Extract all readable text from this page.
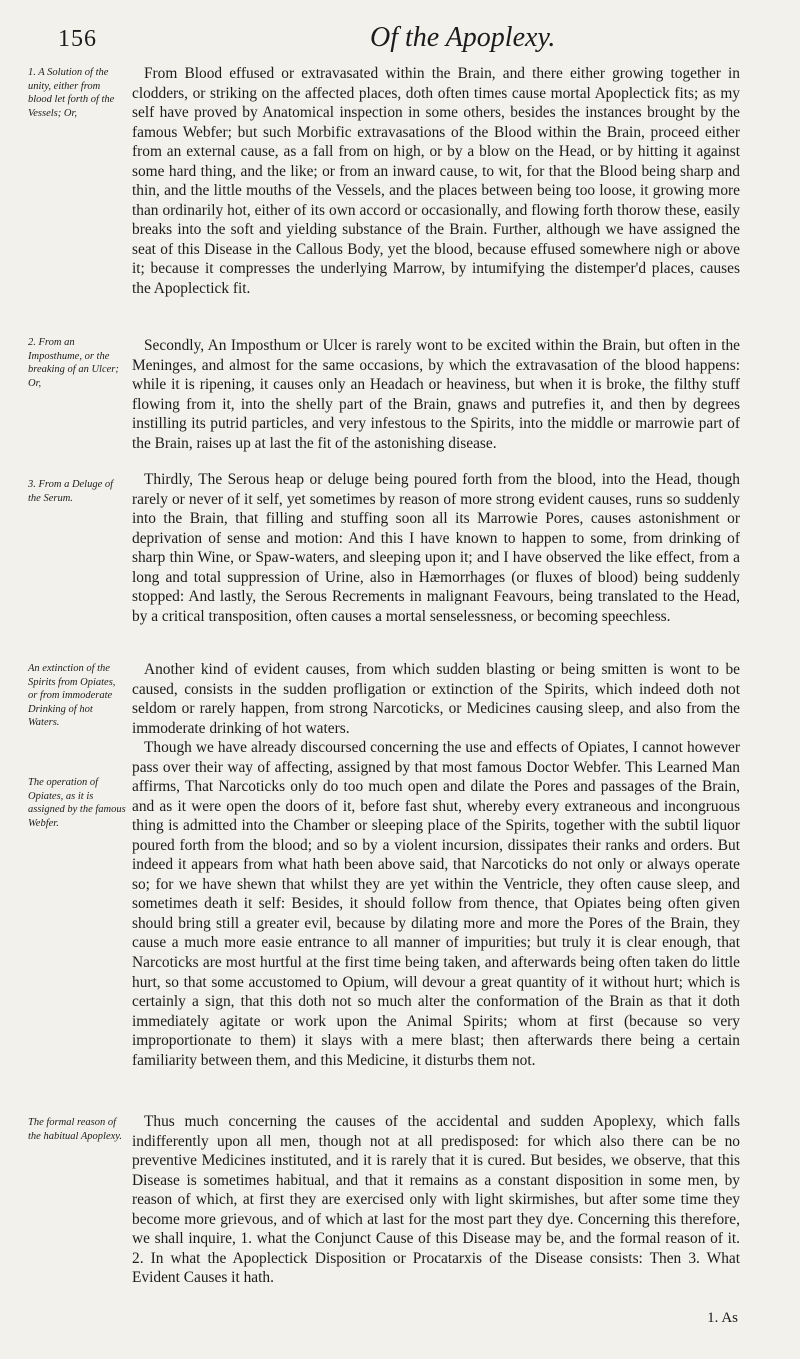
156	Of the Apoplexy.
1. A Solution of the unity, either from blood let forth of the Vessels; Or,
2. From an Imposthume, or the breaking of an Ulcer; Or,
3. From a Deluge of the Serum.
An extinction of the Spirits from Opiates, or from immoderate Drinking of hot Waters.
The operation of Opiates, as it is assigned by the famous Webfer.
The formal reason of the habitual Apoplexy.

From Blood effused or extravasated within the Brain, and there either growing together in clodders, or striking on the affected places, doth often times cause mortal Apoplectick fits; as my self have proved by Anatomical inspection in some others, besides the instances brought by the famous Webfer; but such Morbific extravasations of the Blood within the Brain, proceed either from an external cause, as a fall from on high, or by a blow on the Head, or by hitting it against some hard thing, and the like; or from an inward cause, to wit, for that the Blood being sharp and thin, and the little mouths of the Vessels, and the places between being too loose, it growing more than ordinarily hot, either of its own accord or occasionally, and flowing forth thorow these, easily breaks into the soft and yielding substance of the Brain. Further, although we have assigned the seat of this Disease in the Callous Body, yet the blood, because effused somewhere nigh or above it; because it compresses the underlying Marrow, by intumifying the distemper'd places, causes the Apoplectick fit.

Secondly, An Imposthum or Ulcer is rarely wont to be excited within the Brain, but often in the Meninges, and almost for the same occasions, by which the extravasation of the blood happens: while it is ripening, it causes only an Headach or heaviness, but when it is broke, the filthy stuff flowing from it, into the shelly part of the Brain, gnaws and putrefies it, and then by degrees instilling its putrid particles, and very infestous to the Spirits, into the middle or marrowie part of the Brain, raises up at last the fit of the astonishing disease.

Thirdly, The Serous heap or deluge being poured forth from the blood, into the Head, though rarely or never of it self, yet sometimes by reason of more strong evident causes, runs so suddenly into the Brain, that filling and stuffing soon all its Marrowie Pores, causes astonishment or deprivation of sense and motion: And this I have known to happen to some, from drinking of sharp thin Wine, or Spaw-waters, and sleeping upon it; and I have observed the like effect, from a long and total suppression of Urine, also in Hæmorrhages (or fluxes of blood) being suddenly stopped: And lastly, the Serous Recrements in malignant Feavours, being translated to the Head, by a critical transposition, often causes a mortal senselessness, or becoming speechless.

Another kind of evident causes, from which sudden blasting or being smitten is wont to be caused, consists in the sudden profligation or extinction of the Spirits, which indeed doth not seldom or rarely happen, from strong Narcoticks, or Medicines causing sleep, and also from the immoderate drinking of hot waters.

Though we have already discoursed concerning the use and effects of Opiates, I cannot however pass over their way of affecting, assigned by that most famous Doctor Webfer. This Learned Man affirms, That Narcoticks only do too much open and dilate the Pores and passages of the Brain, and as it were open the doors of it, before fast shut, whereby every extraneous and incongruous thing is admitted into the Chamber or sleeping place of the Spirits, together with the subtil liquor poured forth from the blood; and so by a violent incursion, dissipates their ranks and orders. But indeed it appears from what hath been above said, that Narcoticks do not only or always operate so; for we have shewn that whilst they are yet within the Ventricle, they often cause sleep, and sometimes death it self: Besides, it should follow from thence, that Opiates being often given should bring still a greater evil, because by dilating more and more the Pores of the Brain, they cause a much more easie entrance to all manner of impurities; but truly it is clear enough, that Narcoticks are most hurtful at the first time being taken, and afterwards being often taken do little hurt, so that some accustomed to Opium, will devour a great quantity of it without hurt; which is certainly a sign, that this doth not so much alter the conformation of the Brain as that it doth immediately agitate or work upon the Animal Spirits; whom at first (because so very improportionate to them) it slays with a mere blast; then afterwards there being a certain familiarity between them, and this Medicine, it disturbs them not.

Thus much concerning the causes of the accidental and sudden Apoplexy, which falls indifferently upon all men, though not at all predisposed: for which also there can be no preventive Medicines instituted, and it is rarely that it is cured. But besides, we observe, that this Disease is sometimes habitual, and that it remains as a constant disposition in some men, by reason of which, at first they are exercised only with light skirmishes, but after some time they become more grievous, and of which at last for the most part they dye. Concerning this therefore, we shall inquire, 1. what the Conjunct Cause of this Disease may be, and the formal reason of it. 2. In what the Apoplectick Disposition or Procatarxis of the Disease consists: Then 3. What Evident Causes it hath.

1. As
